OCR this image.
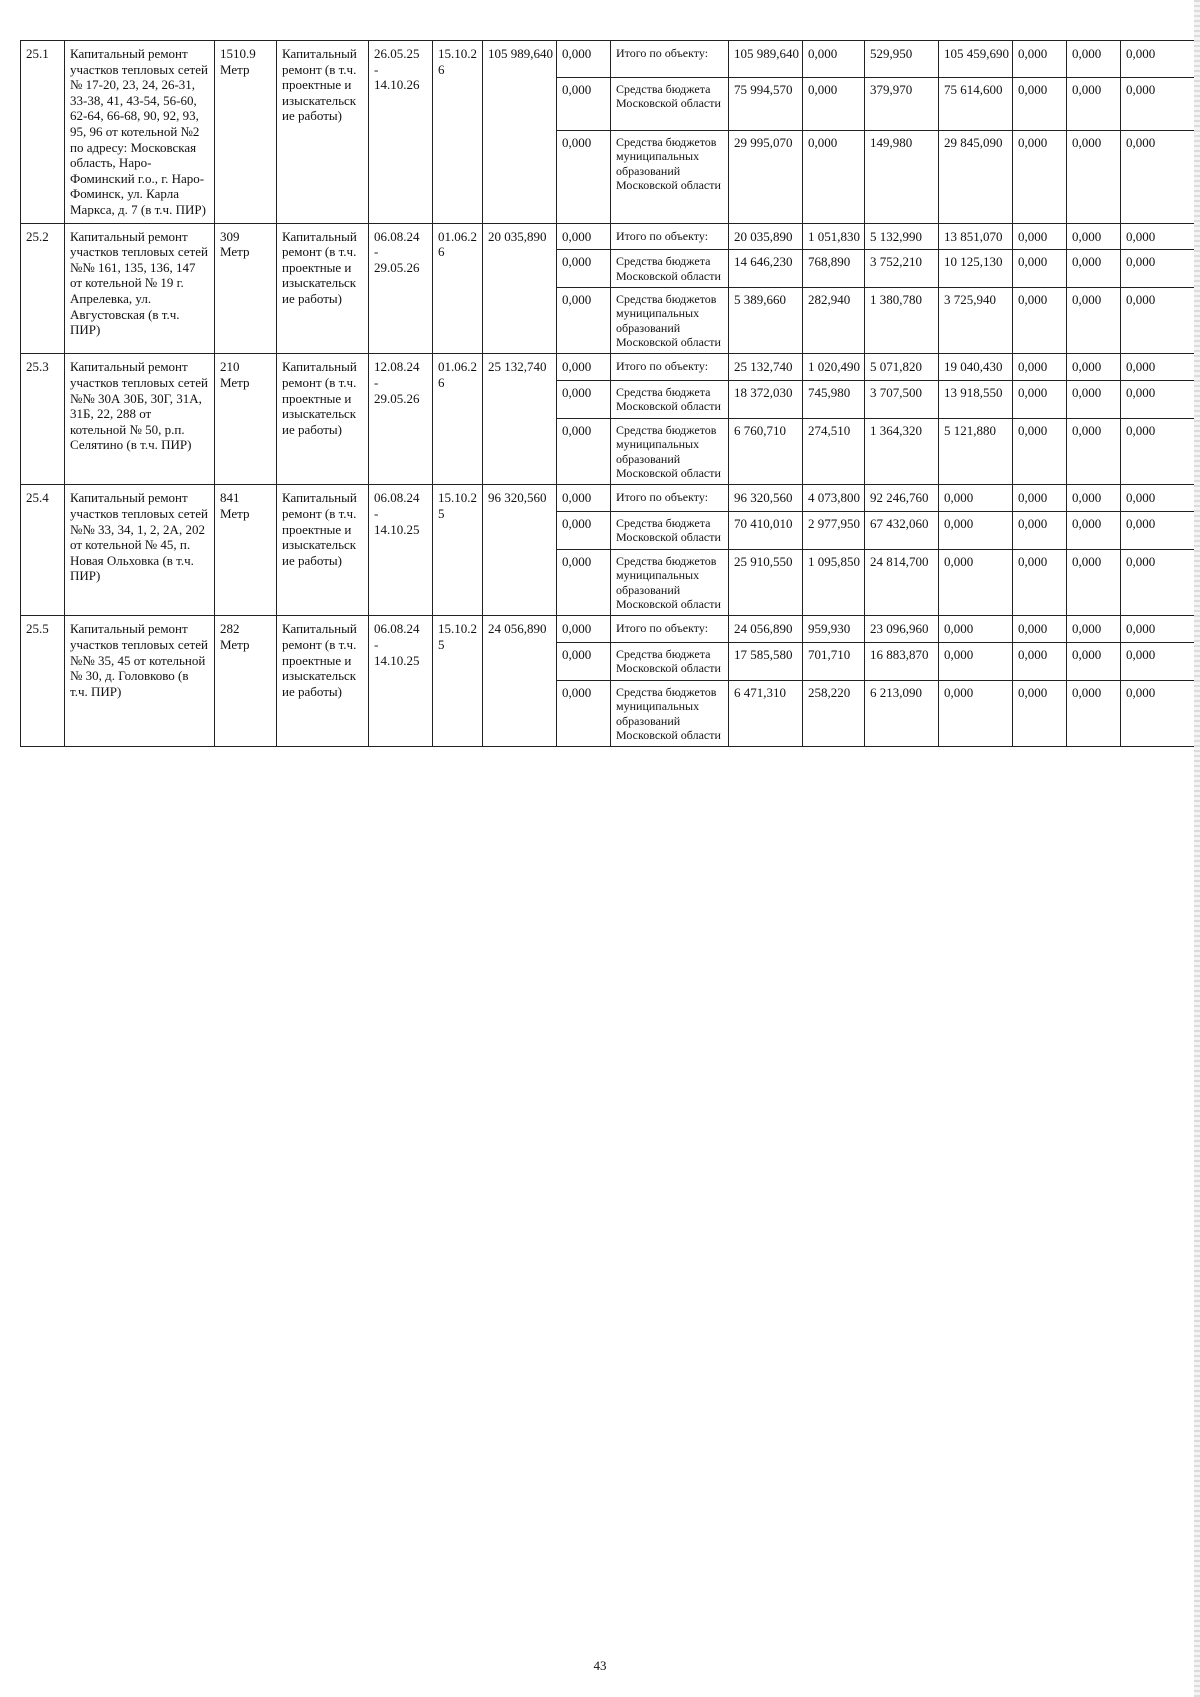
25.1	Капитальный ремонт участков тепловых сетей № 17-20, 23, 24, 26-31, 33-38, 41, 43-54, 56-60, 62-64, 66-68, 90, 92, 93, 95, 96 от котельной №2 по адресу: Московская область, Наро-Фоминский г.о., г. Наро-Фоминск, ул. Карла Маркса, д. 7 (в т.ч. ПИР)	1510.9 Метр	Капитальный ремонт (в т.ч. проектные и изыскательские работы)	26.05.25 - 14.10.26	15.10.26	105 989,640	0,000	Итого по объекту:	105 989,640	0,000	529,950	105 459,690	0,000	0,000	0,000
							0,000	Средства бюджета Московской области	75 994,570	0,000	379,970	75 614,600	0,000	0,000	0,000
							0,000	Средства бюджетов муниципальных образований Московской области	29 995,070	0,000	149,980	29 845,090	0,000	0,000	0,000
25.2	Капитальный ремонт участков тепловых сетей №№ 161, 135, 136, 147 от котельной № 19 г. Апрелевка, ул. Августовская (в т.ч. ПИР)	309 Метр	Капитальный ремонт (в т.ч. проектные и изыскательские работы)	06.08.24 - 29.05.26	01.06.26	20 035,890	0,000	Итого по объекту:	20 035,890	1 051,830	5 132,990	13 851,070	0,000	0,000	0,000
							0,000	Средства бюджета Московской области	14 646,230	768,890	3 752,210	10 125,130	0,000	0,000	0,000
							0,000	Средства бюджетов муниципальных образований Московской области	5 389,660	282,940	1 380,780	3 725,940	0,000	0,000	0,000
25.3	Капитальный ремонт участков тепловых сетей №№ 30А 30Б, 30Г, 31А, 31Б, 22, 288 от котельной № 50, р.п. Селятино (в т.ч. ПИР)	210 Метр	Капитальный ремонт (в т.ч. проектные и изыскательские работы)	12.08.24 - 29.05.26	01.06.26	25 132,740	0,000	Итого по объекту:	25 132,740	1 020,490	5 071,820	19 040,430	0,000	0,000	0,000
							0,000	Средства бюджета Московской области	18 372,030	745,980	3 707,500	13 918,550	0,000	0,000	0,000
							0,000	Средства бюджетов муниципальных образований Московской области	6 760,710	274,510	1 364,320	5 121,880	0,000	0,000	0,000
25.4	Капитальный ремонт участков тепловых сетей №№ 33, 34, 1, 2, 2А, 202 от котельной № 45, п. Новая Ольховка (в т.ч. ПИР)	841 Метр	Капитальный ремонт (в т.ч. проектные и изыскательские работы)	06.08.24 - 14.10.25	15.10.25	96 320,560	0,000	Итого по объекту:	96 320,560	4 073,800	92 246,760	0,000	0,000	0,000	0,000
							0,000	Средства бюджета Московской области	70 410,010	2 977,950	67 432,060	0,000	0,000	0,000	0,000
							0,000	Средства бюджетов муниципальных образований Московской области	25 910,550	1 095,850	24 814,700	0,000	0,000	0,000	0,000
25.5	Капитальный ремонт участков тепловых сетей №№ 35, 45 от котельной № 30, д. Головково (в т.ч. ПИР)	282 Метр	Капитальный ремонт (в т.ч. проектные и изыскательские работы)	06.08.24 - 14.10.25	15.10.25	24 056,890	0,000	Итого по объекту:	24 056,890	959,930	23 096,960	0,000	0,000	0,000	0,000
							0,000	Средства бюджета Московской области	17 585,580	701,710	16 883,870	0,000	0,000	0,000	0,000
							0,000	Средства бюджетов муниципальных образований Московской области	6 471,310	258,220	6 213,090	0,000	0,000	0,000	0,000
43
